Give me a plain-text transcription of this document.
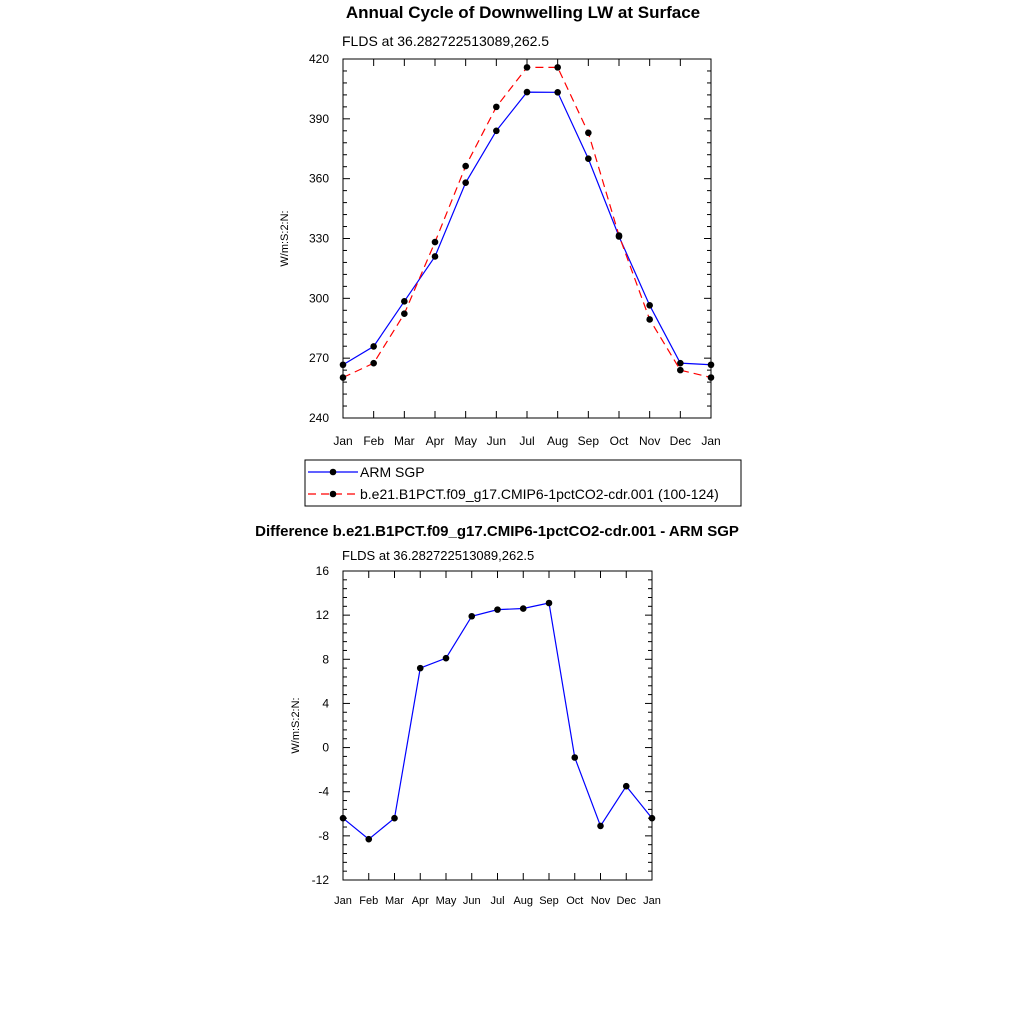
Annual Cycle of Downwelling LW at Surface
FLDS at 36.282722513089,262.5
240
270
300
330
360
390
420
Jan Feb Mar Apr May Jun Jul Aug Sep Oct Nov Dec Jan
W/m:S:2:N:
ARM SGP
b.e21.B1PCT.f09_g17.CMIP6-1pctCO2-cdr.001 (100-124)
Difference b.e21.B1PCT.f09_g17.CMIP6-1pctCO2-cdr.001 - ARM SGP
FLDS at 36.282722513089,262.5
-12
-8
-4
0
4
8
12
16
Jan Feb Mar Apr May Jun Jul Aug Sep Oct Nov Dec Jan
W/m:S:2:N:
